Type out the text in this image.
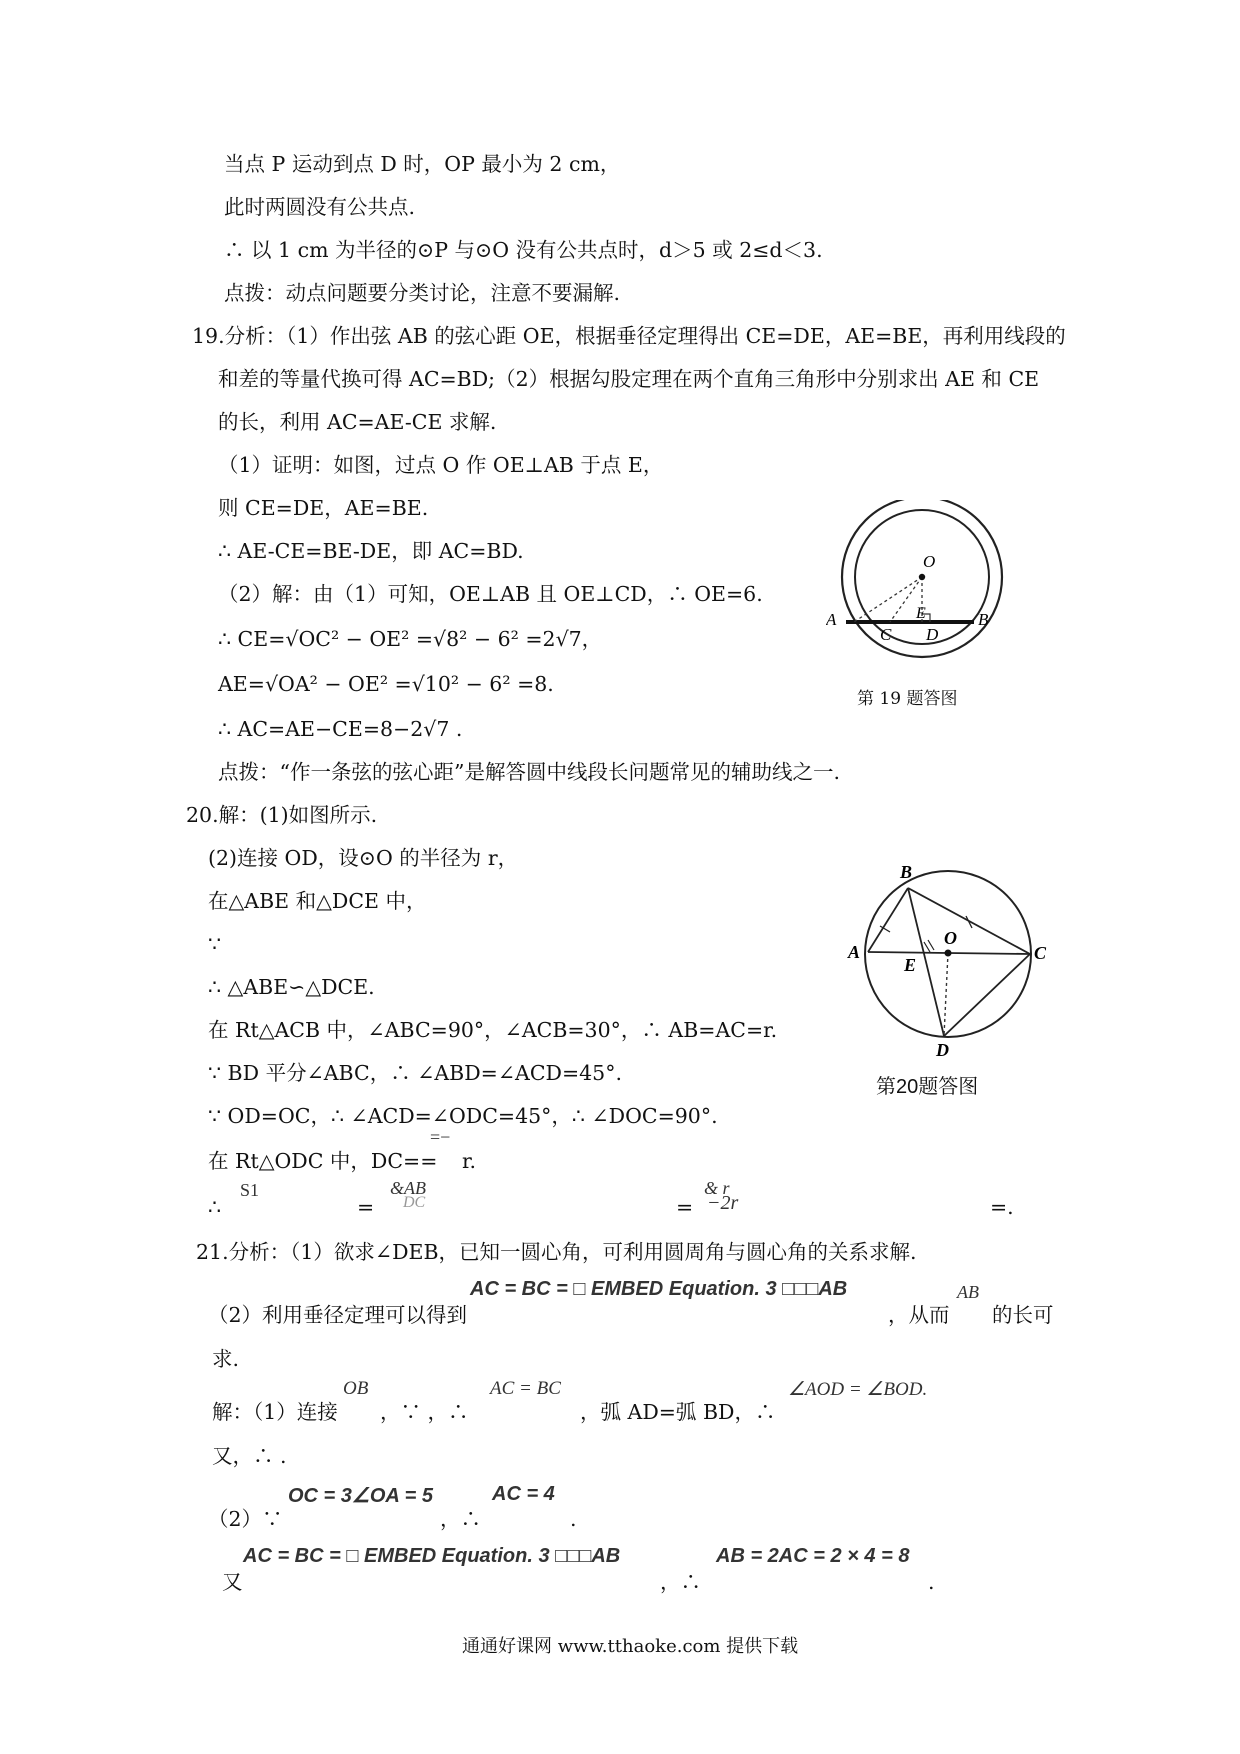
当点 P 运动到点 D 时，OP 最小为 2 cm，
此时两圆没有公共点.
∴ 以 1 cm 为半径的⊙P 与⊙O 没有公共点时，d＞5 或 2≤d＜3.
点拨：动点问题要分类讨论，注意不要漏解.
19.分析：（1）作出弦 AB 的弦心距 OE，根据垂径定理得出 CE=DE，AE=BE，再利用线段的
和差的等量代换可得 AC=BD;（2）根据勾股定理在两个直角三角形中分别求出 AE 和 CE
的长，利用 AC=AE-CE 求解.
（1）证明：如图，过点 O 作 OE⊥AB 于点 E，
则 CE=DE，AE=BE.
∴ AE-CE=BE-DE，即 AC=BD.
（2）解：由（1）可知，OE⊥AB 且 OE⊥CD，∴ OE=6.
∴ CE=√OC² − OE² =√8² − 6² =2√7，
AE=√OA² − OE² =√10² − 6² =8.
∴ AC=AE−CE=8−2√7 .
点拨：“作一条弦的弦心距”是解答圆中线段长问题常见的辅助线之一.
20.解：(1)如图所示.
(2)连接 OD，设⊙O 的半径为 r，
在△ABE 和△DCE 中，
∵
∴ △ABE∽△DCE.
在 Rt△ACB 中，∠ABC=90°，∠ACB=30°，∴ AB=AC=r.
∵ BD 平分∠ABC，∴ ∠ABD=∠ACD=45°.
∵ OD=OC，∴ ∠ACD=∠ODC=45°，∴ ∠DOC=90°.
在 Rt△ODC 中，DC==
=−
r.
∴
S1
=
&AB
DC	=
& r
−2r	=.
21.分析：（1）欲求∠DEB，已知一圆心角，可利用圆周角与圆心角的关系求解.
（2）利用垂径定理可以得到
AC = BC = □ EMBED Equation. 3 □□□AB
，从而
AB
的长可
求.
解：（1）连接
OB
，∵ ，∴
AC = BC
，弧 AD=弧 BD，∴
∠AOD = ∠BOD.
又，∴ .
（2）∵
OC = 3∠OA = 5
，∴
AC = 4
.
又
AC = BC = □ EMBED Equation. 3 □□□AB
，∴
AB = 2AC = 2 × 4 = 8
.
O
A	B
C D
E
第 19 题答图
B
A	C
O
E
D
第20题答图
通通好课网 www.tthaoke.com 提供下载
